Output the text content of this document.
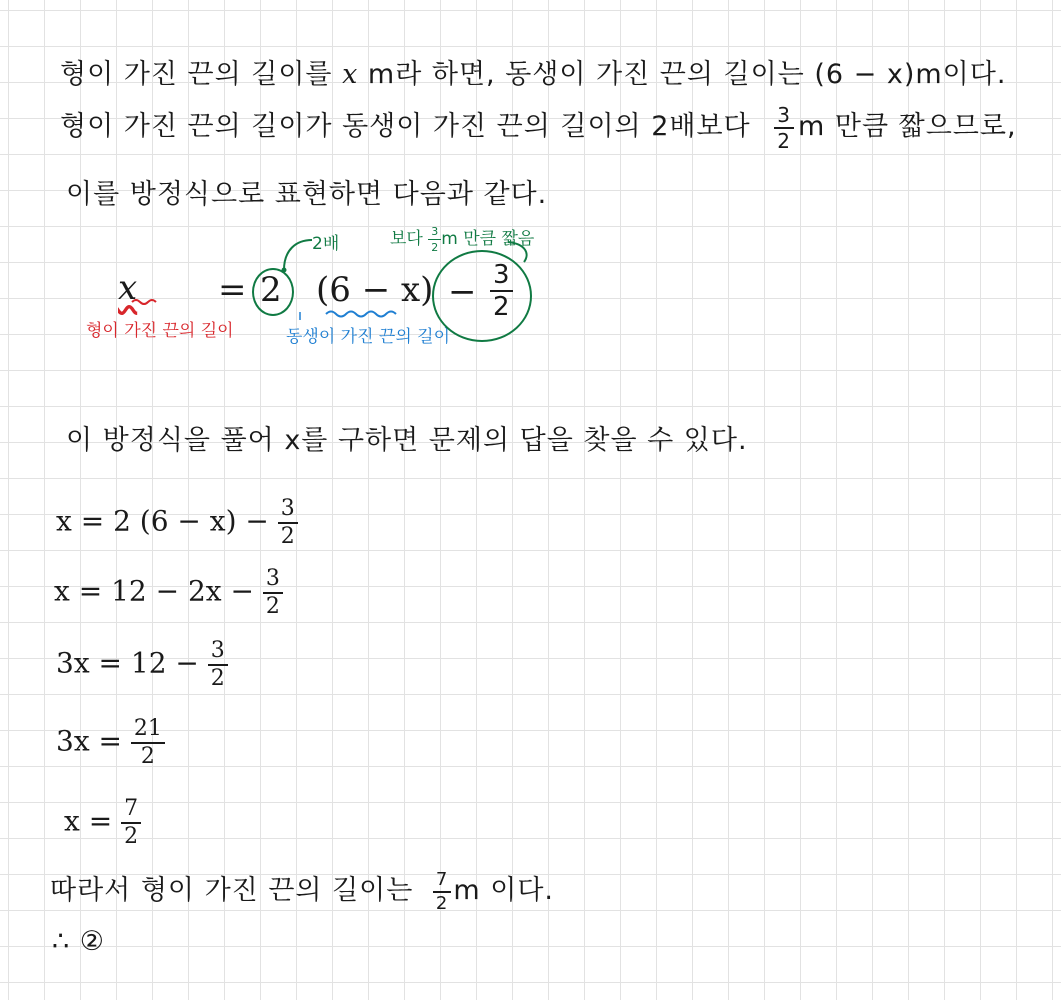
형이 가진 끈의 길이를 x m라 하면, 동생이 가진 끈의 길이는 (6 − x)m이다.
형이 가진 끈의 길이가 동생이 가진 끈의 길이의 2배보다 $\frac{3}{2}$ m 만큼 짧으므로,
이를 방정식으로 표현하면 다음과 같다.
x
형이 가진 끈의 길이
= 2
2배
(6 − x)
동생이 가진 끈의 길이
− $\frac{3}{2}$
보다 $\frac{3}{2}$ m 만큼 짧음
이 방정식을 풀어 x를 구하면 문제의 답을 찾을 수 있다.
x = 2 $(6 - x) - \frac{3}{2}$
$x = 12 - 2x - \frac{3}{2}$
$3x = 12 - \frac{3}{2}$
$3x = \frac{21}{2}$
$x = \frac{7}{2}$
따라서 형이 가진 끈의 길이는 $\frac{7}{2}$ m 이다.
∴ ②
